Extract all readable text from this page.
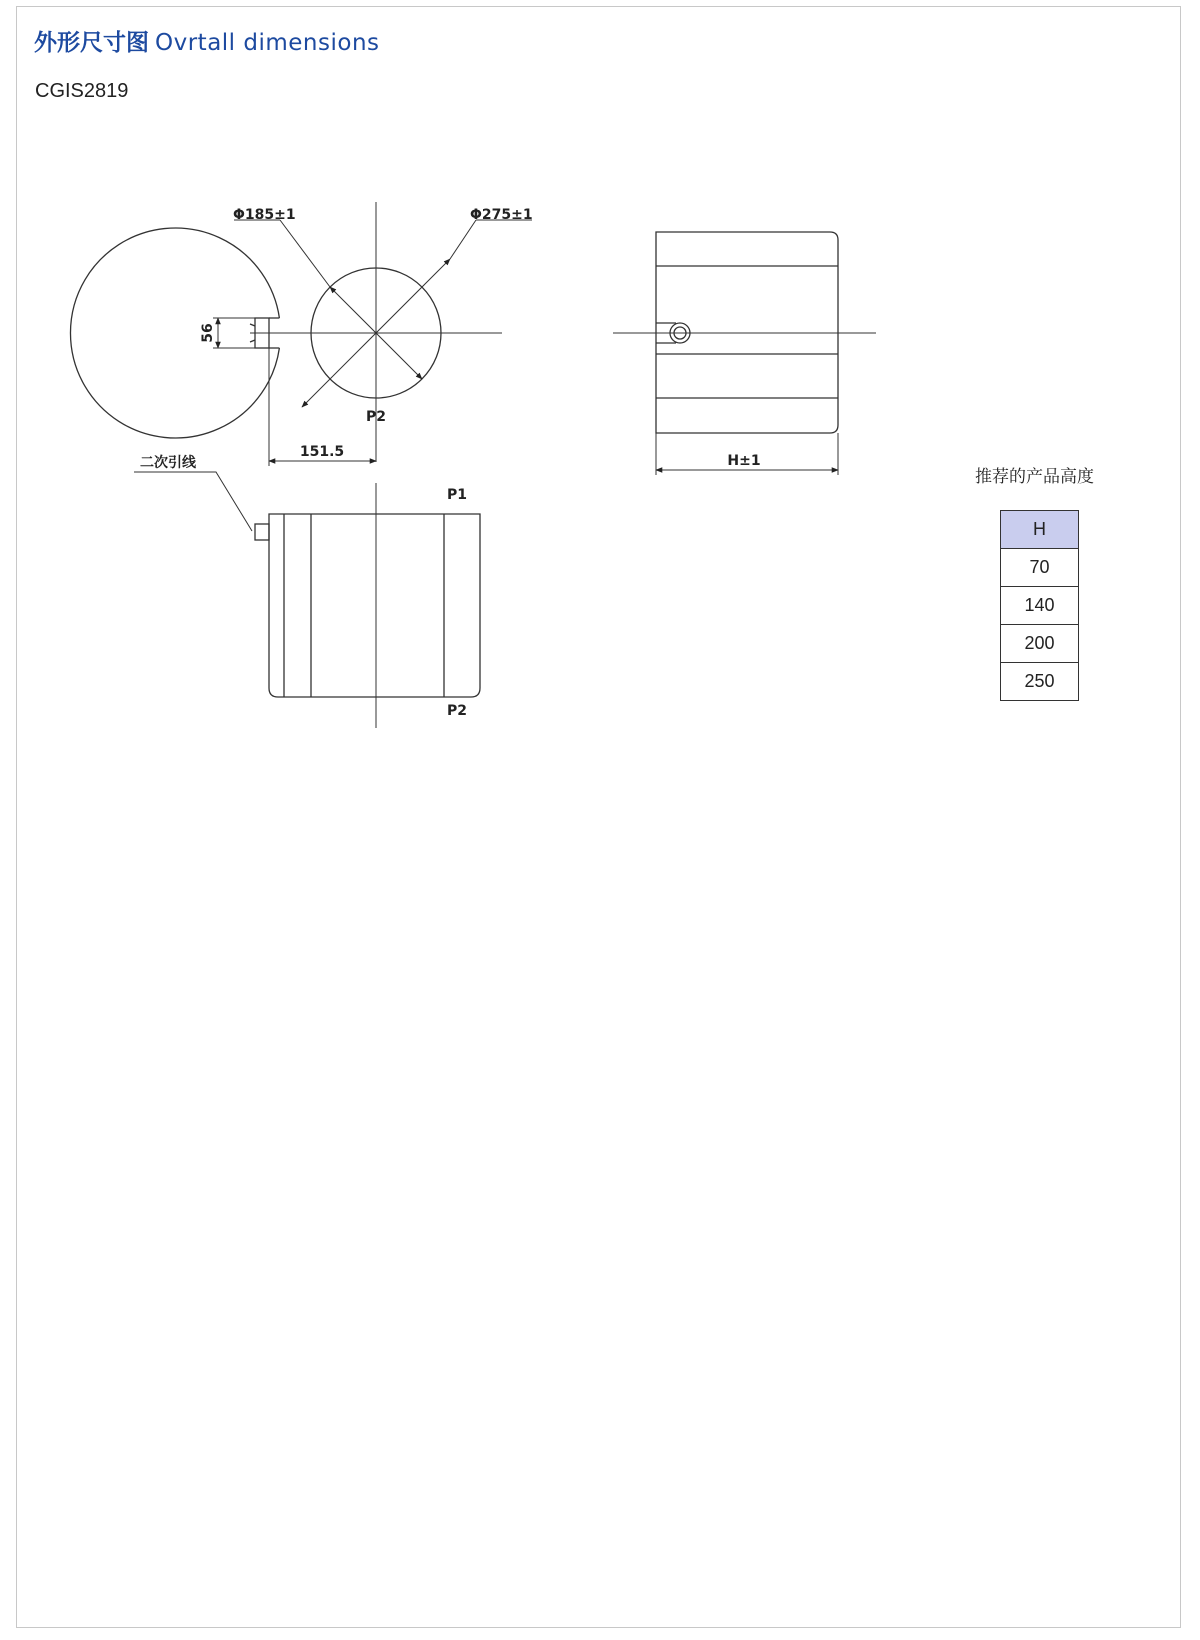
外形尺寸图 Ovrtall dimensions
CGIS2819
Φ185±1	Φ275±1
56
P2
151.5
二次引线
P1
P2
H±1
推荐的产品高度
H
70
140
200
250
